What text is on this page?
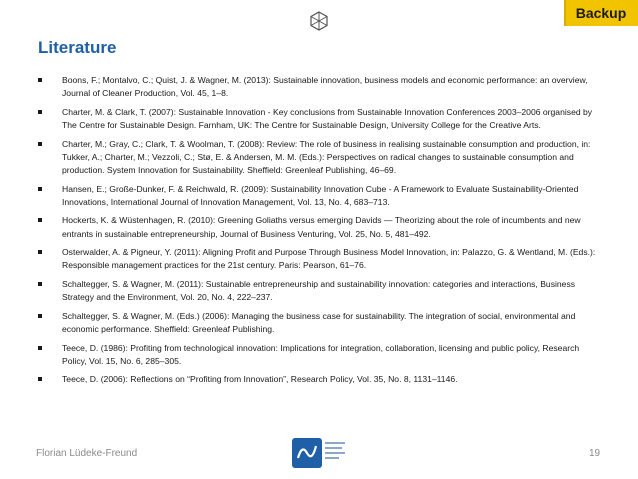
Backup
Literature
Boons, F.; Montalvo, C.; Quist, J. & Wagner, M. (2013): Sustainable innovation, business models and economic performance: an overview, Journal of Cleaner Production, Vol. 45, 1–8.
Charter, M. & Clark, T. (2007): Sustainable Innovation - Key conclusions from Sustainable Innovation Conferences 2003–2006 organised by The Centre for Sustainable Design. Farnham, UK: The Centre for Sustainable Design, University College for the Creative Arts.
Charter, M.; Gray, C.; Clark, T. & Woolman, T. (2008): Review: The role of business in realising sustainable consumption and production, in: Tukker, A.; Charter, M.; Vezzoli, C.; Stø, E. & Andersen, M. M. (Eds.): Perspectives on radical changes to sustainable consumption and production. System Innovation for Sustainability. Sheffield: Greenleaf Publishing, 46–69.
Hansen, E.; Große-Dunker, F. & Reichwald, R. (2009): Sustainability Innovation Cube - A Framework to Evaluate Sustainability-Oriented Innovations, International Journal of Innovation Management, Vol. 13, No. 4, 683–713.
Hockerts, K. & Wüstenhagen, R. (2010): Greening Goliaths versus emerging Davids — Theorizing about the role of incumbents and new entrants in sustainable entrepreneurship, Journal of Business Venturing, Vol. 25, No. 5, 481–492.
Osterwalder, A. & Pigneur, Y. (2011): Aligning Profit and Purpose Through Business Model Innovation, in: Palazzo, G. & Wentland, M. (Eds.): Responsible management practices for the 21st century. Paris: Pearson, 61–76.
Schaltegger, S. & Wagner, M. (2011): Sustainable entrepreneurship and sustainability innovation: categories and interactions, Business Strategy and the Environment, Vol. 20, No. 4, 222–237.
Schaltegger, S. & Wagner, M. (Eds.) (2006): Managing the business case for sustainability. The integration of social, environmental and economic performance. Sheffield: Greenleaf Publishing.
Teece, D. (1986): Profiting from technological innovation: Implications for integration, collaboration, licensing and public policy, Research Policy, Vol. 15, No. 6, 285–305.
Teece, D. (2006): Reflections on “Profiting from Innovation”, Research Policy, Vol. 35, No. 8, 1131–1146.
Florian Lüdeke-Freund	19
